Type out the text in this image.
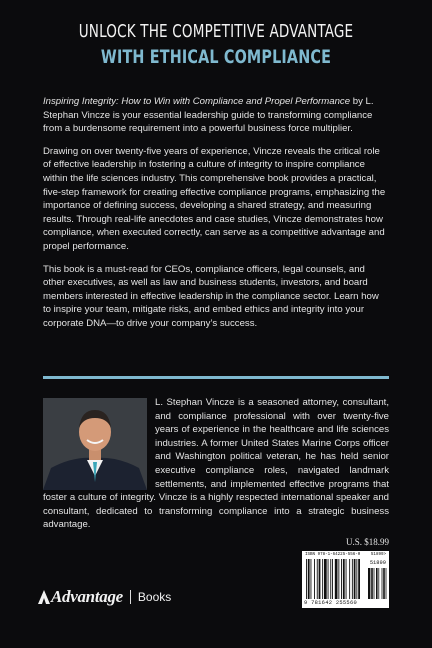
UNLOCK THE COMPETITIVE ADVANTAGE
WITH ETHICAL COMPLIANCE

Inspiring Integrity: How to Win with Compliance and Propel Performance by L. Stephan Vincze is your essential leadership guide to transforming compliance from a burdensome requirement into a powerful business force multiplier.

Drawing on over twenty-five years of experience, Vincze reveals the critical role of effective leadership in fostering a culture of integrity to inspire compliance within the life sciences industry. This comprehensive book provides a practical, five-step framework for creating effective compliance programs, emphasizing the importance of defining success, developing a shared strategy, and measuring results. Through real-life anecdotes and case studies, Vincze demonstrates how compliance, when executed correctly, can serve as a competitive advantage and propel performance.

This book is a must-read for CEOs, compliance officers, legal counsels, and other executives, as well as law and business students, investors, and board members interested in effective leadership in the compliance sector. Learn how to inspire your team, mitigate risks, and embed ethics and integrity into your corporate DNA—to drive your company’s success.

L. Stephan Vincze is a seasoned attorney, consultant, and compliance professional with over twenty-five years of experience in the healthcare and life sciences industries. A former United States Marine Corps officer and Washington political veteran, he has held senior executive compliance roles, navigated landmark settlements, and implemented effective programs that foster a culture of integrity. Vincze is a highly respected international speaker and consultant, dedicated to transforming compliance into a strategic business advantage.
U.S. $18.99
ISBN 978-1-64225-556-0	51899>
51899
9 781642 255560
Advantage Books
